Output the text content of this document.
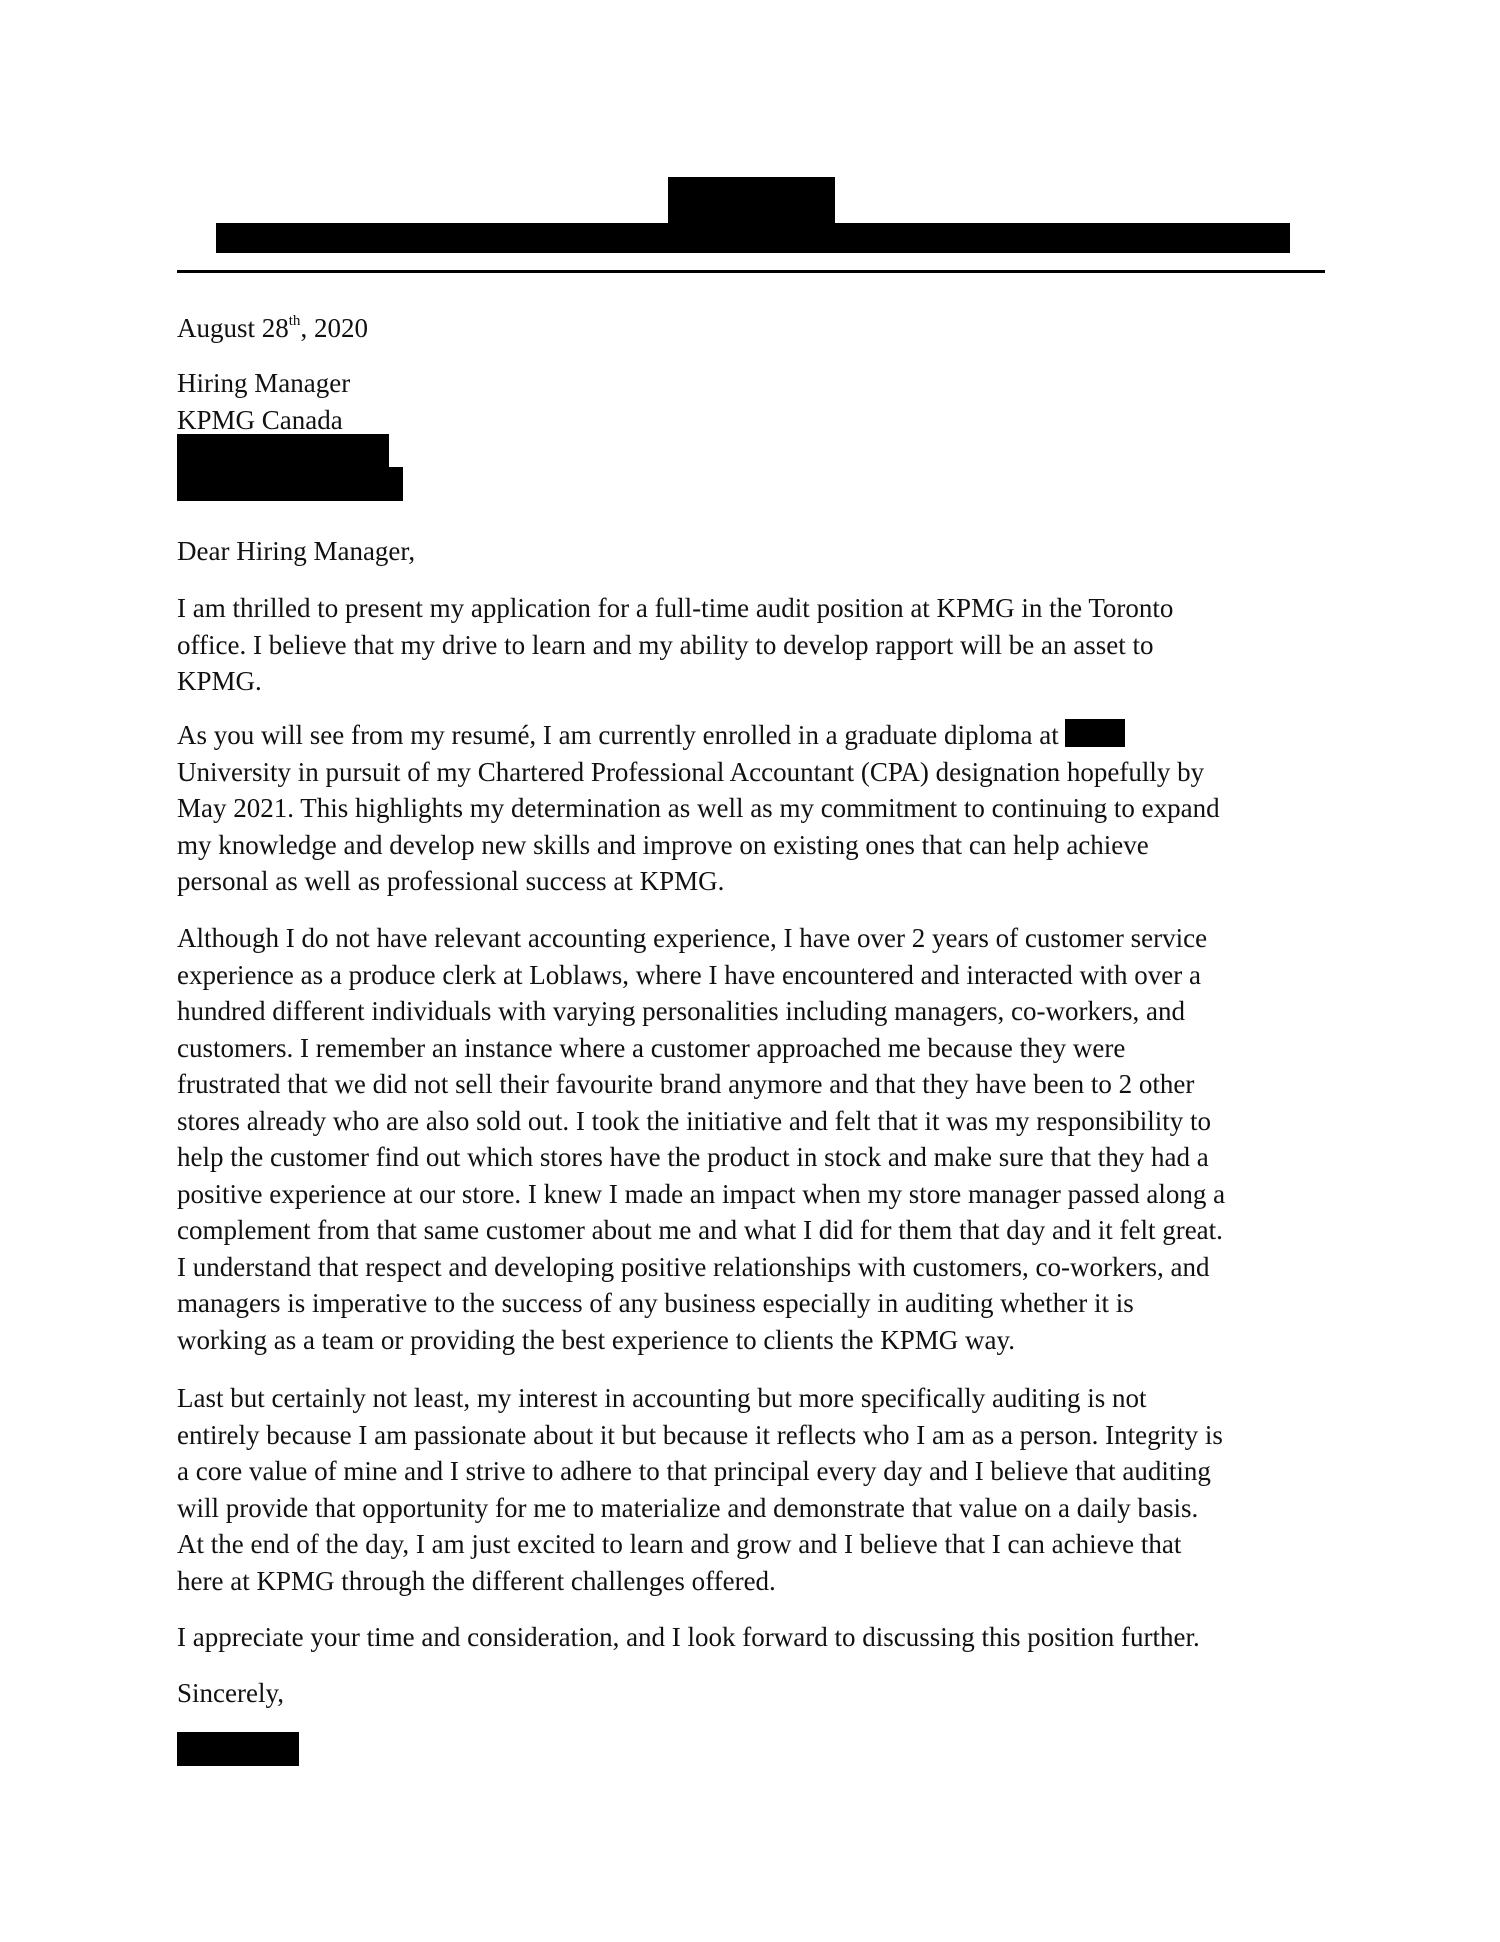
August 28th, 2020
Hiring Manager
KPMG Canada
Dear Hiring Manager,
I am thrilled to present my application for a full-time audit position at KPMG in the Toronto
office. I believe that my drive to learn and my ability to develop rapport will be an asset to
KPMG.
As you will see from my resumé, I am currently enrolled in a graduate diploma at
University in pursuit of my Chartered Professional Accountant (CPA) designation hopefully by
May 2021. This highlights my determination as well as my commitment to continuing to expand
my knowledge and develop new skills and improve on existing ones that can help achieve
personal as well as professional success at KPMG.
Although I do not have relevant accounting experience, I have over 2 years of customer service
experience as a produce clerk at Loblaws, where I have encountered and interacted with over a
hundred different individuals with varying personalities including managers, co-workers, and
customers. I remember an instance where a customer approached me because they were
frustrated that we did not sell their favourite brand anymore and that they have been to 2 other
stores already who are also sold out. I took the initiative and felt that it was my responsibility to
help the customer find out which stores have the product in stock and make sure that they had a
positive experience at our store. I knew I made an impact when my store manager passed along a
complement from that same customer about me and what I did for them that day and it felt great.
I understand that respect and developing positive relationships with customers, co-workers, and
managers is imperative to the success of any business especially in auditing whether it is
working as a team or providing the best experience to clients the KPMG way.
Last but certainly not least, my interest in accounting but more specifically auditing is not
entirely because I am passionate about it but because it reflects who I am as a person. Integrity is
a core value of mine and I strive to adhere to that principal every day and I believe that auditing
will provide that opportunity for me to materialize and demonstrate that value on a daily basis.
At the end of the day, I am just excited to learn and grow and I believe that I can achieve that
here at KPMG through the different challenges offered.
I appreciate your time and consideration, and I look forward to discussing this position further.
Sincerely,
